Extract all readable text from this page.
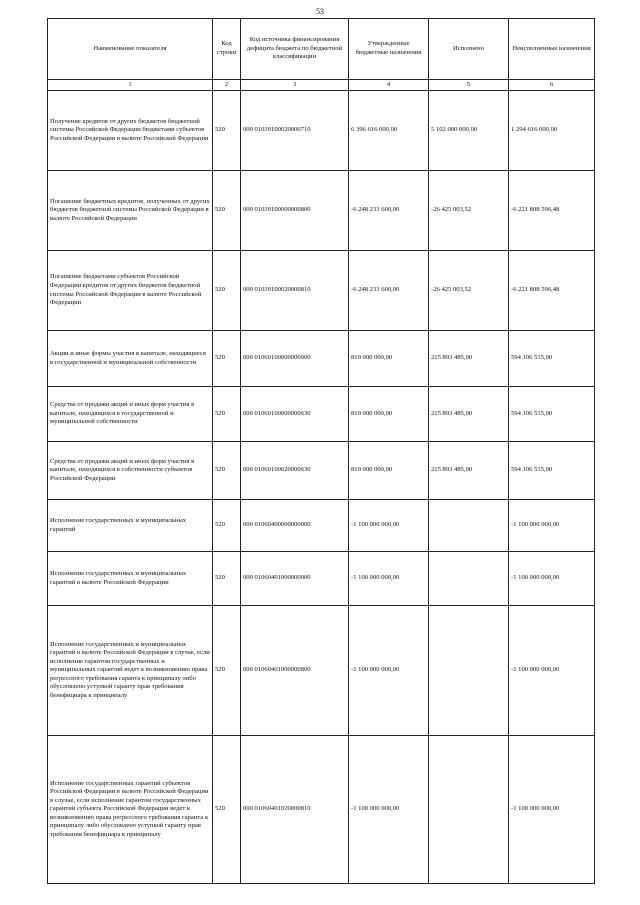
53
Наименование показателя	Код строки	Код источника финансирования дефицита бюджета по бюджетной классификации	Утвержденные бюджетные назначения	Исполнено	Неисполненные назначения
1	2	3	4	5	6
Получение кредитов от других бюджетов бюджетной системы Российской Федерации бюджетами субъектов Российской Федерации в валюте Российской Федерации	520	000 01030100020000710	6 396 616 000,00	5 102 000 000,00	1 294 616 000,00
Погашение бюджетных кредитов, полученных от других бюджетов бюджетной системы Российской Федерации в валюте Российской Федерации	520	000 01030100000000800	-6 248 233 600,00	-26 425 003,52	-6 221 808 596,48
Погашение бюджетами субъектов Российской Федерации кредитов от других бюджетов бюджетной системы Российской Федерации в валюте Российской Федерации	520	000 01030100020000810	-6 248 233 600,00	-26 425 003,52	-6 221 808 596,48
Акции и иные формы участия в капитале, находящиеся в государственной и муниципальной собственности	520	000 01060100000000000	810 000 000,00	215 893 485,00	594 106 515,00
Средства от продажи акций и иных форм участия в капитале, находящихся в государственной и муниципальной собственности	520	000 01060100000000630	810 000 000,00	215 893 485,00	594 106 515,00
Средства от продажи акций и иных форм участия в капитале, находящихся в собственности субъектов Российской Федерации	520	000 01060100020000630	810 000 000,00	215 893 485,00	594 106 515,00
Исполнение государственных и муниципальных гарантий	520	000 01060400000000000	-1 100 000 000,00		-1 100 000 000,00
Исполнение государственных и муниципальных гарантий в валюте Российской Федерации	520	000 01060401000000000	-1 100 000 000,00		-1 100 000 000,00
Исполнение государственных и муниципальных гарантий в валюте Российской Федерации в случае, если исполнение гарантом государственных и муниципальных гарантий ведет к возникновению права регрессного требования гаранта к принципалу либо обусловлено уступкой гаранту прав требования бенефициара к принципалу	520	000 01060401000000800	-1 100 000 000,00		-1 100 000 000,00
Исполнение государственных гарантий субъектов Российской Федерации в валюте Российской Федерации в случае, если исполнение гарантом государственных гарантий субъекта Российской Федерации ведет к возникновению права регрессного требования гаранта к принципалу либо обусловлено уступкой гаранту прав требования бенефициара к принципалу	520	000 01060401020000810	-1 100 000 000,00		-1 100 000 000,00
